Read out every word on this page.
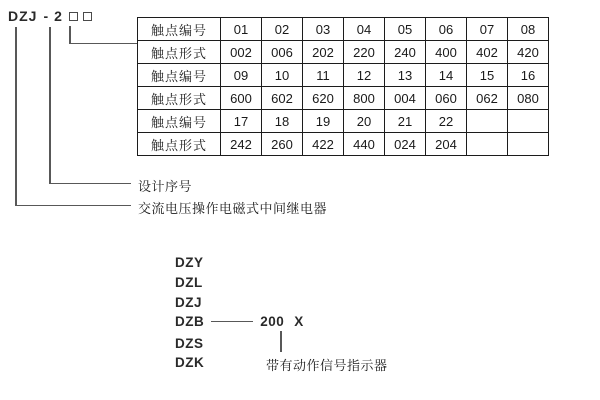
DZJ - 2
触点编号	01	02	03	04	05	06	07	08
触点形式	002	006	202	220	240	400	402	420
触点编号	09	10	11	12	13	14	15	16
触点形式	600	602	620	800	004	060	062	080
触点编号	17	18	19	20	21	22		
触点形式	242	260	422	440	024	204		
设计序号
交流电压操作电磁式中间继电器
DZY
DZL
DZJ
DZB	200 X
DZS
DZK	带有动作信号指示器
